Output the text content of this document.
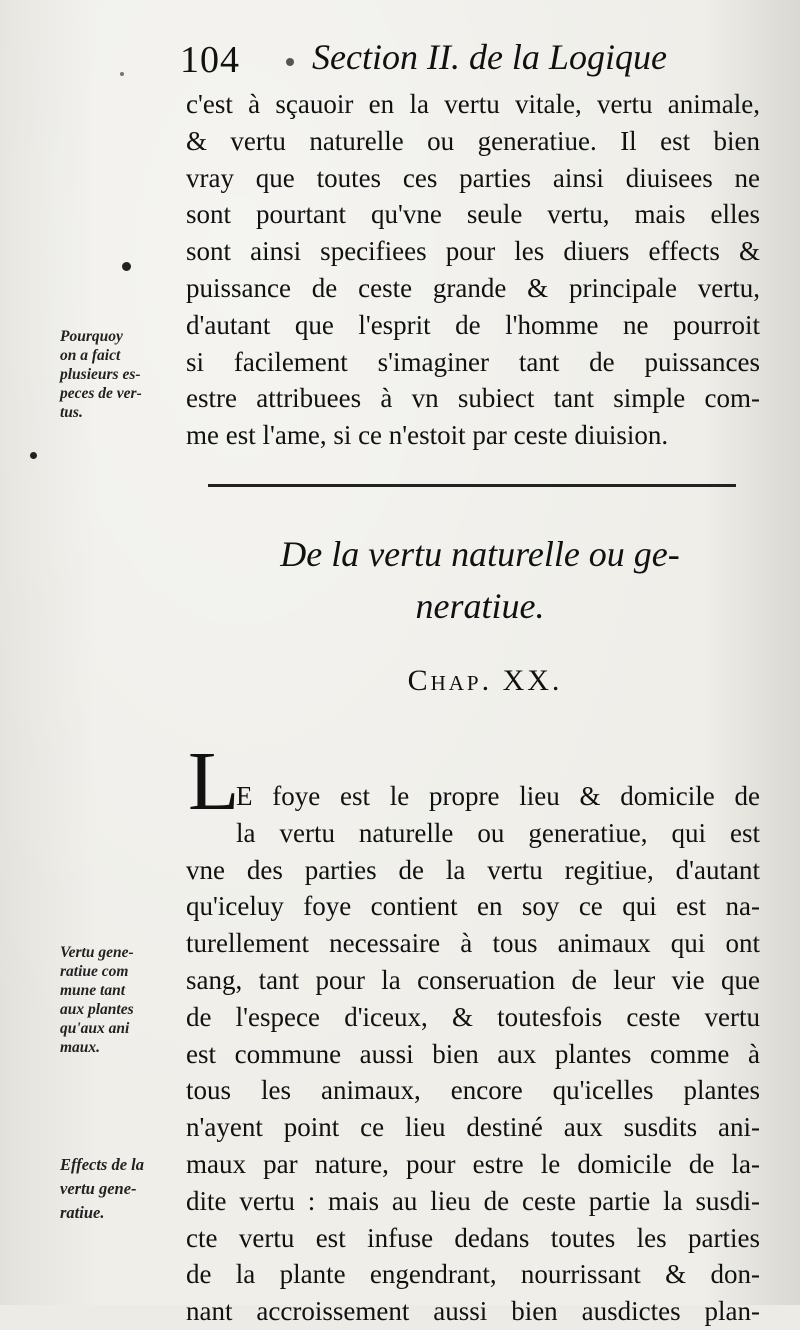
104 Section II. de la Logique
c'est à sçauoir en la vertu vitale, vertu animale,
& vertu naturelle ou generatiue. Il est bien
vray que toutes ces parties ainsi diuisees ne
sont pourtant qu'vne seule vertu, mais elles
sont ainsi specifiees pour les diuers effects &
puissance de ceste grande & principale vertu,
d'autant que l'esprit de l'homme ne pourroit
si facilement s'imaginer tant de puissances
estre attribuees à vn subiect tant simple com-
me est l'ame, si ce n'estoit par ceste diuision.
Pourquoy
on a faict
plusieurs es-
peces de ver-
tus.
De la vertu naturelle ou ge-
neratiue.
Chap. XX.
L
E foye est le propre lieu & domicile de
la vertu naturelle ou generatiue, qui est
vne des parties de la vertu regitiue, d'autant
qu'iceluy foye contient en soy ce qui est na-
turellement necessaire à tous animaux qui ont
sang, tant pour la conseruation de leur vie que
de l'espece d'iceux, & toutesfois ceste vertu
est commune aussi bien aux plantes comme à
tous les animaux, encore qu'icelles plantes
n'ayent point ce lieu destiné aux susdits ani-
maux par nature, pour estre le domicile de la-
dite vertu : mais au lieu de ceste partie la susdi-
cte vertu est infuse dedans toutes les parties
de la plante engendrant, nourrissant & don-
nant accroissement aussi bien ausdictes plan-
Vertu gene-
ratiue com
mune tant
aux plantes
qu'aux ani
maux.
Effects de la
vertu gene-
ratiue.
